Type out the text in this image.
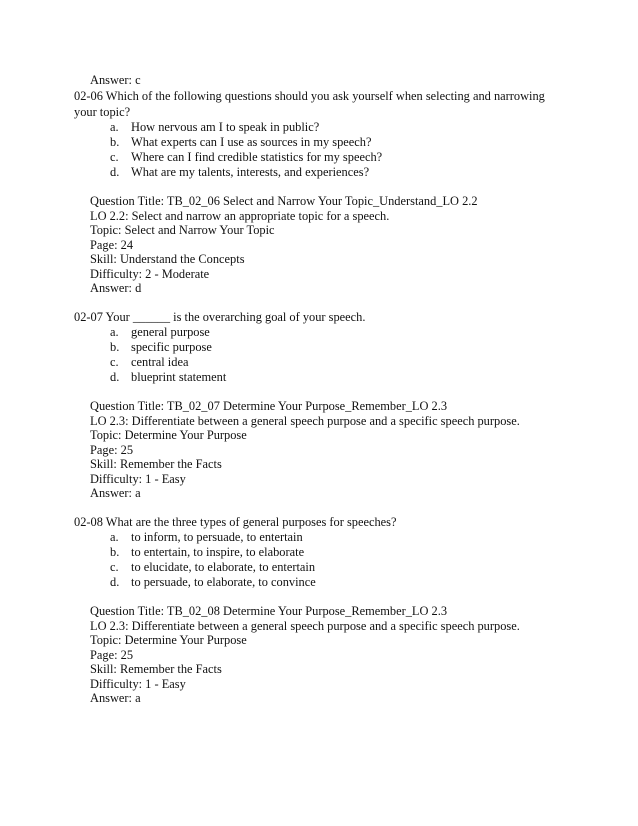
Answer: c
02-06 Which of the following questions should you ask yourself when selecting and narrowing
your topic?
a. How nervous am I to speak in public?
b. What experts can I use as sources in my speech?
c. Where can I find credible statistics for my speech?
d. What are my talents, interests, and experiences?
Question Title: TB_02_06 Select and Narrow Your Topic_Understand_LO 2.2
LO 2.2: Select and narrow an appropriate topic for a speech.
Topic: Select and Narrow Your Topic
Page: 24
Skill: Understand the Concepts
Difficulty: 2 - Moderate
Answer: d
02-07 Your ______ is the overarching goal of your speech.
a. general purpose
b. specific purpose
c. central idea
d. blueprint statement
Question Title: TB_02_07 Determine Your Purpose_Remember_LO 2.3
LO 2.3: Differentiate between a general speech purpose and a specific speech purpose.
Topic: Determine Your Purpose
Page: 25
Skill: Remember the Facts
Difficulty: 1 - Easy
Answer: a
02-08 What are the three types of general purposes for speeches?
a. to inform, to persuade, to entertain
b. to entertain, to inspire, to elaborate
c. to elucidate, to elaborate, to entertain
d. to persuade, to elaborate, to convince
Question Title: TB_02_08 Determine Your Purpose_Remember_LO 2.3
LO 2.3: Differentiate between a general speech purpose and a specific speech purpose.
Topic: Determine Your Purpose
Page: 25
Skill: Remember the Facts
Difficulty: 1 - Easy
Answer: a
